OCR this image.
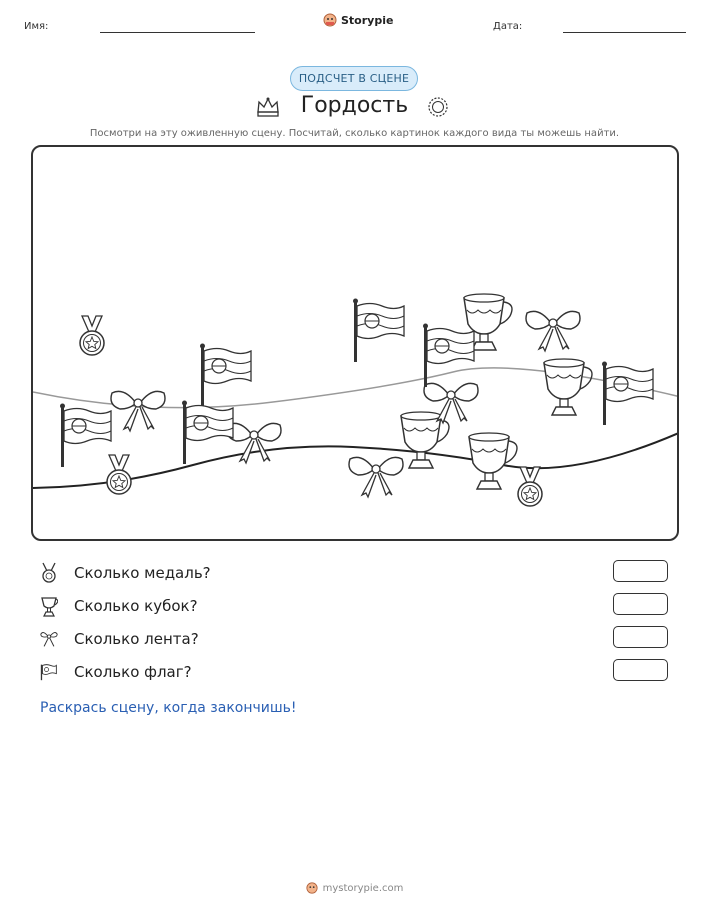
Имя:	Storypie	Дата:
ПОДСЧЕТ В СЦЕНЕ
Гордость
Посмотри на эту оживленную сцену. Посчитай, сколько картинок каждого вида ты можешь найти.
Сколько медаль?
Сколько кубок?
Сколько лента?
Сколько флаг?
Раскрась сцену, когда закончишь!
mystorypie.com
